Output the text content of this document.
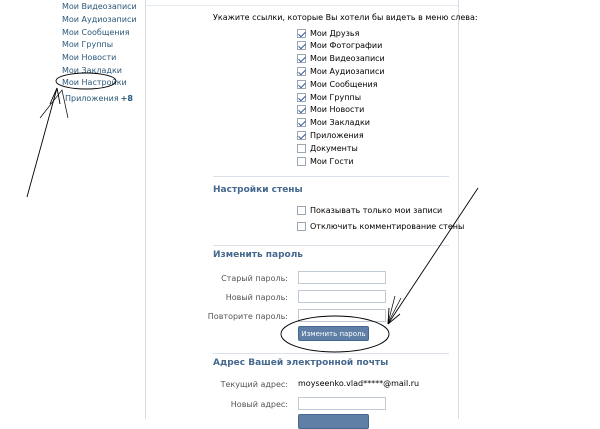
Мои Видеозаписи
Мои Аудиозаписи
Мои Сообщения
Мои Группы
Мои Новости
Мои Закладки
Мои Настройки
Приложения +8
Укажите ссылки, которые Вы хотели бы видеть в меню слева:
Мои Друзья
Мои Фотографии
Мои Видеозаписи
Мои Аудиозаписи
Мои Сообщения
Мои Группы
Мои Новости
Мои Закладки
Приложения
Документы
Мои Гости
Настройки стены
Показывать только мои записи
Отключить комментирование стены
Изменить пароль
Старый пароль:
Новый пароль:
Повторите пароль:
Изменить пароль
Адрес Вашей электронной почты
Текущий адрес: moyseenko.vlad*****@mail.ru
Новый адрес:
